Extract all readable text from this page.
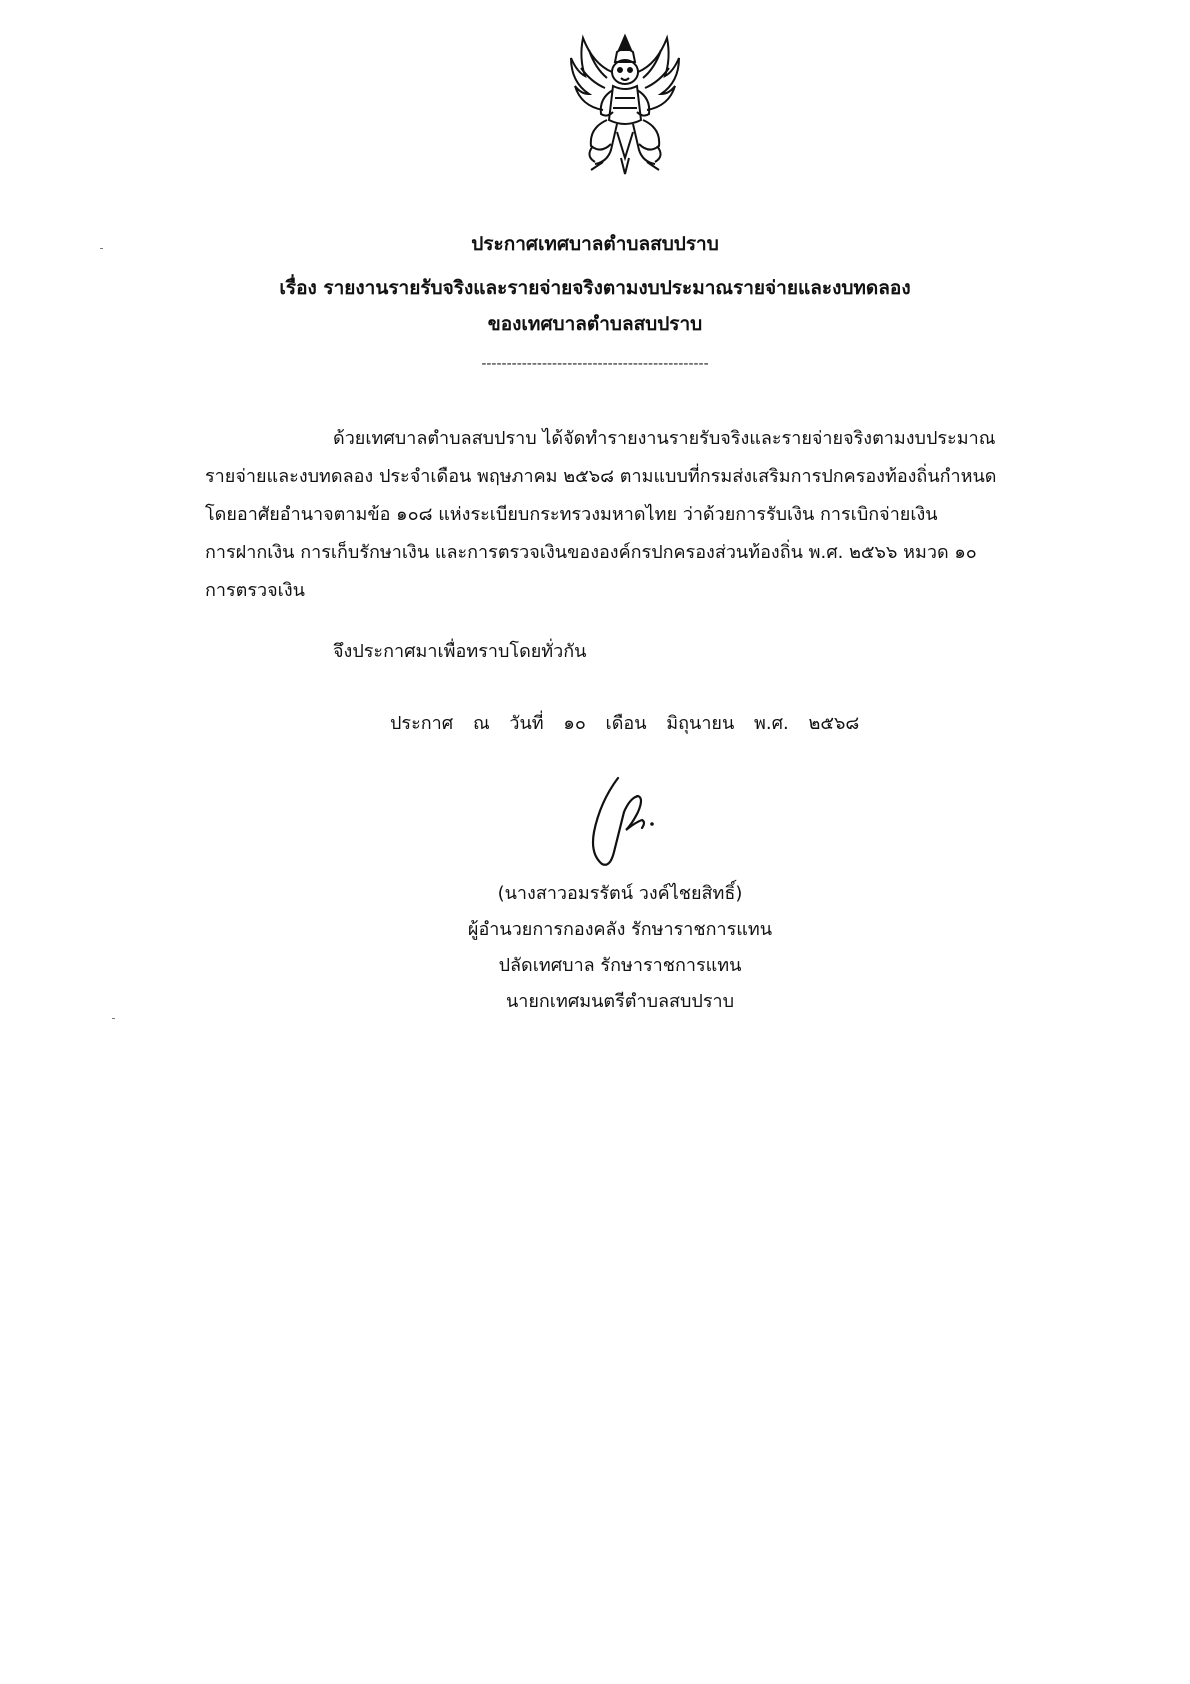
ประกาศเทศบาลตำบลสบปราบ
เรื่อง รายงานรายรับจริงและรายจ่ายจริงตามงบประมาณรายจ่ายและงบทดลอง
ของเทศบาลตำบลสบปราบ
---------------------------------------------
ด้วยเทศบาลตำบลสบปราบ ได้จัดทำรายงานรายรับจริงและรายจ่ายจริงตามงบประมาณ
รายจ่ายและงบทดลอง ประจำเดือน พฤษภาคม ๒๕๖๘ ตามแบบที่กรมส่งเสริมการปกครองท้องถิ่นกำหนด
โดยอาศัยอำนาจตามข้อ ๑๐๘ แห่งระเบียบกระทรวงมหาดไทย ว่าด้วยการรับเงิน การเบิกจ่ายเงิน
การฝากเงิน การเก็บรักษาเงิน และการตรวจเงินขององค์กรปกครองส่วนท้องถิ่น พ.ศ. ๒๕๖๖ หมวด ๑๐
การตรวจเงิน
จึงประกาศมาเพื่อทราบโดยทั่วกัน
ประกาศ ณ วันที่ ๑๐ เดือน มิถุนายน พ.ศ. ๒๕๖๘
(นางสาวอมรรัตน์ วงค์ไชยสิทธิ์)
ผู้อำนวยการกองคลัง รักษาราชการแทน
ปลัดเทศบาล รักษาราชการแทน
นายกเทศมนตรีตำบลสบปราบ
